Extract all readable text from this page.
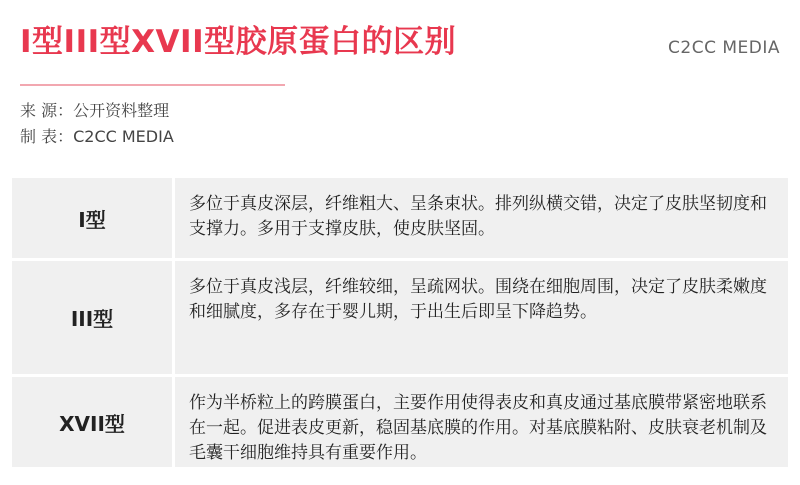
I型III型XVII型胶原蛋白的区别	C2CC MEDIA
来 源：公开资料整理
制 表：C2CC MEDIA
I型
多位于真皮深层，纤维粗大、呈条束状。排列纵横交错，决定了皮肤坚韧度和支撑力。多用于支撑皮肤，使皮肤坚固。
III型
多位于真皮浅层，纤维较细，呈疏网状。围绕在细胞周围，决定了皮肤柔嫩度和细腻度，多存在于婴儿期，于出生后即呈下降趋势。
XVII型
作为半桥粒上的跨膜蛋白，主要作用使得表皮和真皮通过基底膜带紧密地联系在一起。促进表皮更新，稳固基底膜的作用。对基底膜粘附、皮肤衰老机制及毛囊干细胞维持具有重要作用。
